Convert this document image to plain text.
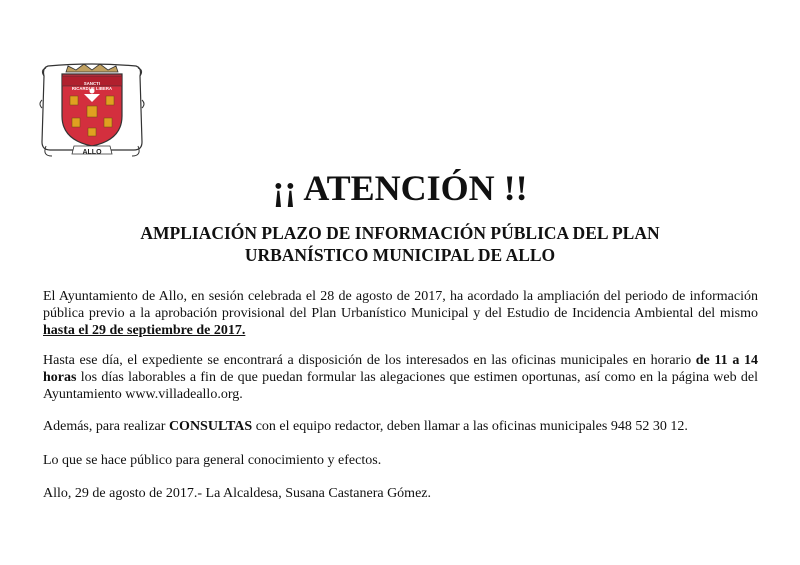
SANCTI
RICARDUS LIBERA
ALLO
¡¡ ATENCIÓN !!
AMPLIACIÓN PLAZO DE INFORMACIÓN PÚBLICA DEL PLAN
URBANÍSTICO MUNICIPAL DE ALLO

El Ayuntamiento de Allo, en sesión celebrada el 28 de agosto de 2017, ha acordado la ampliación del periodo de información pública previo a la aprobación provisional del Plan Urbanístico Municipal y del Estudio de Incidencia Ambiental del mismo hasta el 29 de septiembre de 2017.

Hasta ese día, el expediente se encontrará a disposición de los interesados en las oficinas municipales en horario de 11 a 14 horas los días laborables a fin de que puedan formular las alegaciones que estimen oportunas, así como en la página web del Ayuntamiento www.villadeallo.org.

Además, para realizar CONSULTAS con el equipo redactor, deben llamar a las oficinas municipales 948 52 30 12.

Lo que se hace público para general conocimiento y efectos.

Allo, 29 de agosto de 2017.- La Alcaldesa, Susana Castanera Gómez.
